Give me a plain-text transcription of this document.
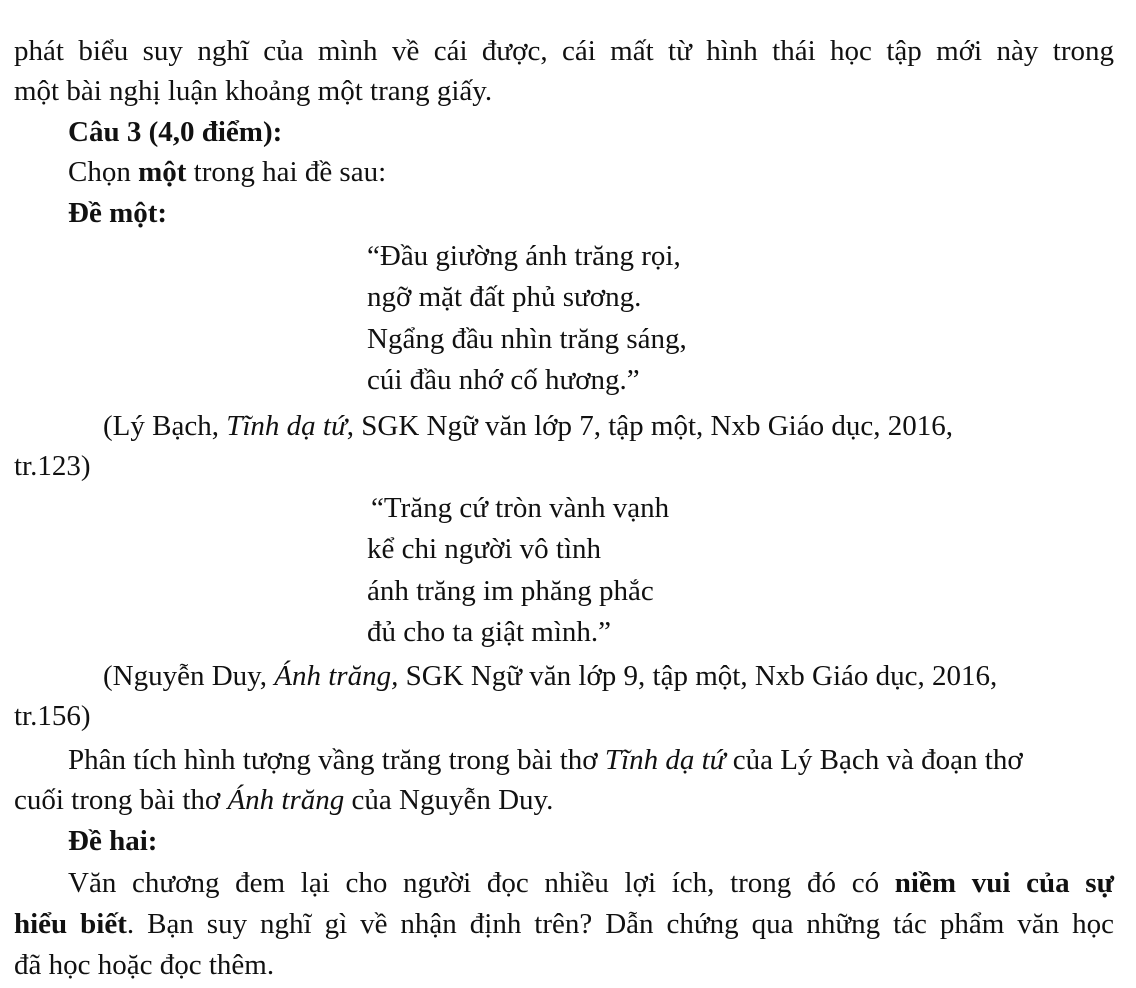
phát biểu suy nghĩ của mình về cái được, cái mất từ hình thái học tập mới này trong

một bài nghị luận khoảng một trang giấy.

Câu 3 (4,0 điểm):

Chọn một trong hai đề sau:

Đề một:

“Đầu giường ánh trăng rọi,

ngỡ mặt đất phủ sương.

Ngẩng đầu nhìn trăng sáng,

cúi đầu nhớ cố hương.”

(Lý Bạch, Tĩnh dạ tứ, SGK Ngữ văn lớp 7, tập một, Nxb Giáo dục, 2016,

tr.123)

“Trăng cứ tròn vành vạnh

kể chi người vô tình

ánh trăng im phăng phắc

đủ cho ta giật mình.”

(Nguyễn Duy, Ánh trăng, SGK Ngữ văn lớp 9, tập một, Nxb Giáo dục, 2016,

tr.156)

Phân tích hình tượng vầng trăng trong bài thơ Tĩnh dạ tứ của Lý Bạch và đoạn thơ

cuối trong bài thơ Ánh trăng của Nguyễn Duy.

Đề hai:

Văn chương đem lại cho người đọc nhiều lợi ích, trong đó có niềm vui của sự

hiểu biết. Bạn suy nghĩ gì về nhận định trên? Dẫn chứng qua những tác phẩm văn học

đã học hoặc đọc thêm.
